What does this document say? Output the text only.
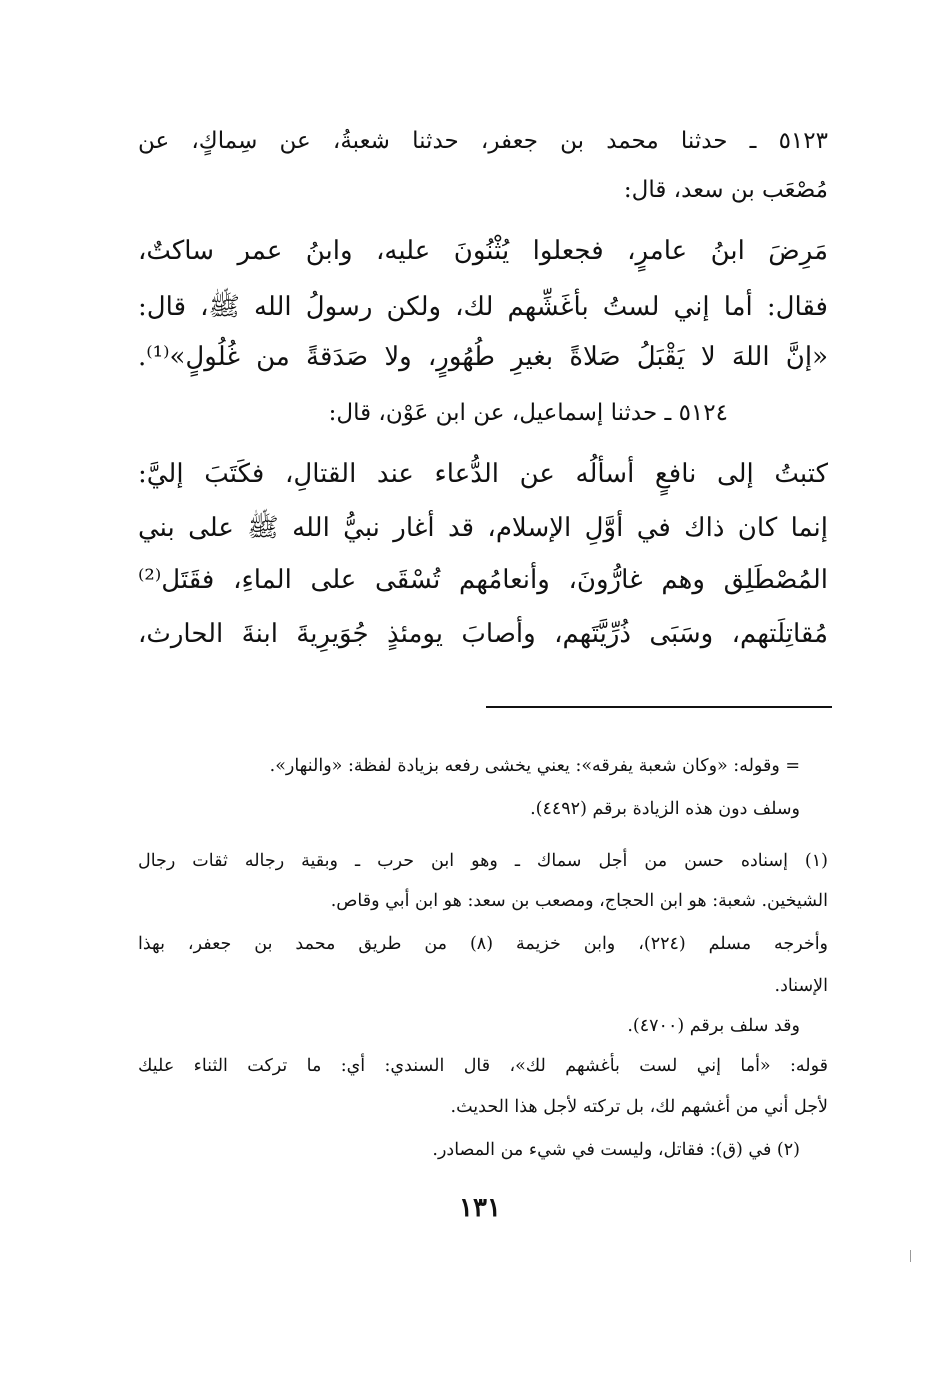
٥١٢٣ ـ حدثنا محمد بن جعفر، حدثنا شعبةُ، عن سِماكٍ، عن
مُصْعَب بن سعد، قال:
مَرِضَ ابنُ عامرٍ، فجعلوا يُثْنُونَ عليه، وابنُ عمر ساكتٌ،
فقال: أما إني لستُ بأغَشِّهم لك، ولكن رسولُ الله ﷺ، قال:
«إنَّ اللهَ لا يَقْبَلُ صَلاةً بغيرِ طُهُورٍ، ولا صَدَقةً من غُلُولٍ»⁽¹⁾.
٥١٢٤ ـ حدثنا إسماعيل، عن ابن عَوْن، قال:
كتبتُ إلى نافعٍ أسألُه عن الدُّعاء عند القتالِ، فكَتَبَ إليَّ:
إنما كان ذاك في أوَّلِ الإسلام، قد أغار نبيُّ الله ﷺ على بني
المُصْطَلِق وهم غارُّونَ، وأنعامُهم تُسْقَى على الماءِ، فقَتَل⁽²⁾
مُقاتِلَتهم، وسَبَى ذُرِّيَّتَهم، وأصابَ يومئذٍ جُوَيرِيةَ ابنةَ الحارث،
= وقوله: «وكان شعبة يفرقه»: يعني يخشى رفعه بزيادة لفظة: «والنهار».
وسلف دون هذه الزيادة برقم (٤٤٩٢).
(١) إسناده حسن من أجل سماك ـ وهو ابن حرب ـ وبقية رجاله ثقات رجال
الشيخين. شعبة: هو ابن الحجاج، ومصعب بن سعد: هو ابن أبي وقاص.
وأخرجه مسلم (٢٢٤)، وابن خزيمة (٨) من طريق محمد بن جعفر، بهذا
الإسناد.
وقد سلف برقم (٤٧٠٠).
قوله: «أما إني لست بأغشهم لك»، قال السندي: أي: ما تركت الثناء عليك
لأجل أني من أغشهم لك، بل تركته لأجل هذا الحديث.
(٢) في (ق): فقاتل، وليست في شيء من المصادر.
١٣١
